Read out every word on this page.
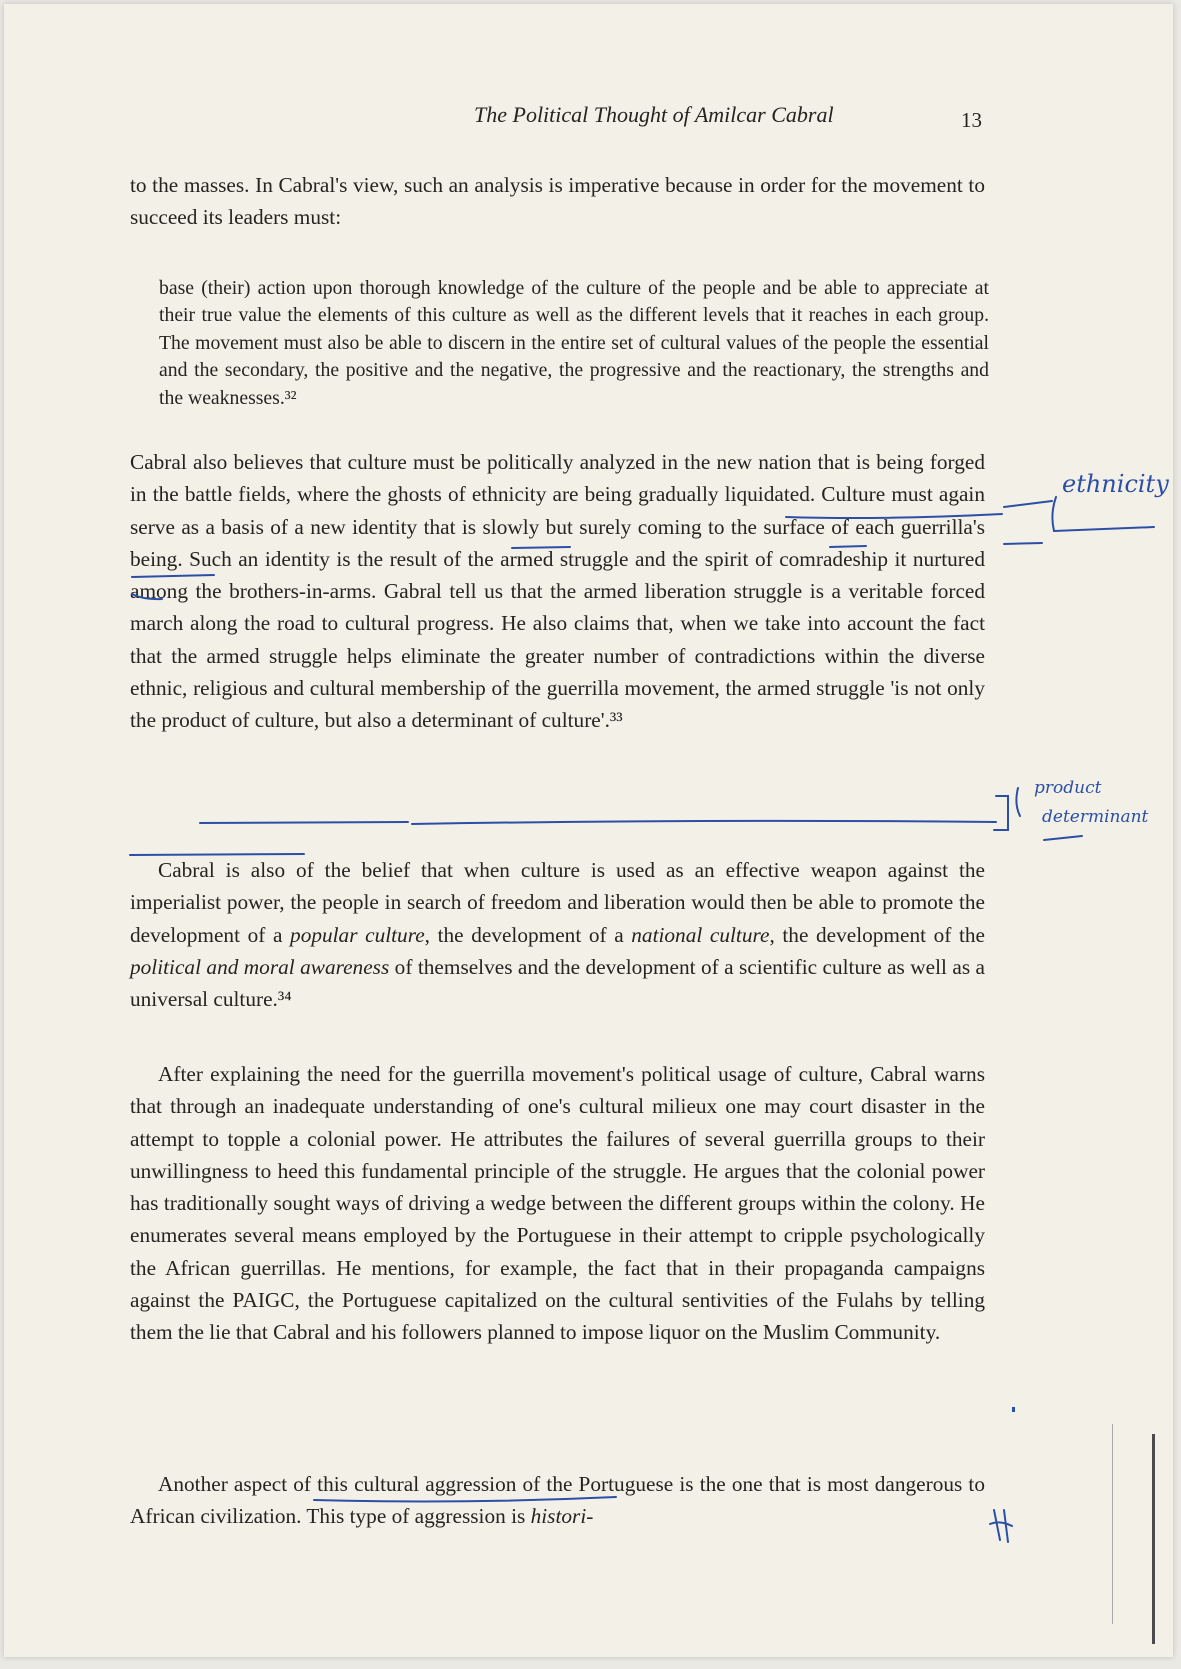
The Political Thought of Amilcar Cabral	13

to the masses. In Cabral's view, such an analysis is imperative because in order for the movement to succeed its leaders must:

base (their) action upon thorough knowledge of the culture of the people and be able to appreciate at their true value the elements of this culture as well as the different levels that it reaches in each group. The movement must also be able to discern in the entire set of cultural values of the people the essential and the secondary, the positive and the negative, the progressive and the reactionary, the strengths and the weaknesses.³²

Cabral also believes that culture must be politically analyzed in the new nation that is being forged in the battle fields, where the ghosts of ethnicity are being gradually liquidated. Culture must again serve as a basis of a new identity that is slowly but surely coming to the surface of each guerrilla's being. Such an identity is the result of the armed struggle and the spirit of comradeship it nurtured among the brothers-in-arms. Gabral tell us that the armed liberation struggle is a veritable forced march along the road to cultural progress. He also claims that, when we take into account the fact that the armed struggle helps eliminate the greater number of contradictions within the diverse ethnic, religious and cultural membership of the guerrilla movement, the armed struggle 'is not only the product of culture, but also a determinant of culture'.³³

Cabral is also of the belief that when culture is used as an effective weapon against the imperialist power, the people in search of freedom and liberation would then be able to promote the development of a popular culture, the development of a national culture, the development of the political and moral awareness of themselves and the development of a scientific culture as well as a universal culture.³⁴

After explaining the need for the guerrilla movement's political usage of culture, Cabral warns that through an inadequate understanding of one's cultural milieux one may court disaster in the attempt to topple a colonial power. He attributes the failures of several guerrilla groups to their unwillingness to heed this fundamental principle of the struggle. He argues that the colonial power has traditionally sought ways of driving a wedge between the different groups within the colony. He enumerates several means employed by the Portuguese in their attempt to cripple psychologically the African guerrillas. He mentions, for example, the fact that in their propaganda campaigns against the PAIGC, the Portuguese capitalized on the cultural sentivities of the Fulahs by telling them the lie that Cabral and his followers planned to impose liquor on the Muslim Community.

Another aspect of this cultural aggression of the Portuguese is the one that is most dangerous to African civilization. This type of aggression is histori-

ethnicity
product
determinant
